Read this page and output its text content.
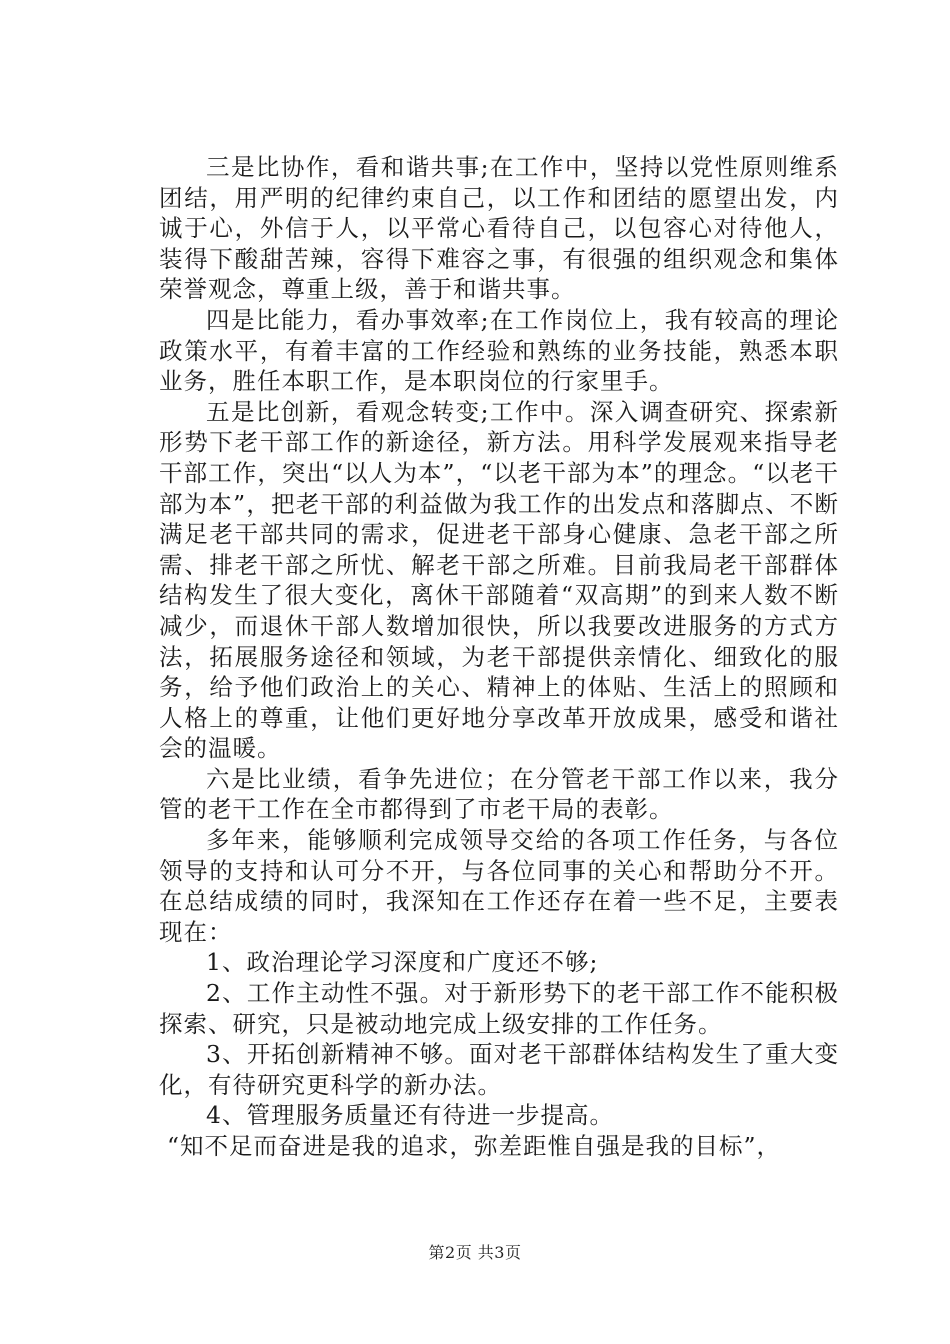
三是比协作，看和谐共事;在工作中，坚持以党性原则维系团结，用严明的纪律约束自己，以工作和团结的愿望出发，内诚于心，外信于人，以平常心看待自己，以包容心对待他人，装得下酸甜苦辣，容得下难容之事，有很强的组织观念和集体荣誉观念，尊重上级，善于和谐共事。

四是比能力，看办事效率;在工作岗位上，我有较高的理论政策水平，有着丰富的工作经验和熟练的业务技能，熟悉本职业务，胜任本职工作，是本职岗位的行家里手。

五是比创新，看观念转变;工作中。深入调查研究、探索新形势下老干部工作的新途径，新方法。用科学发展观来指导老干部工作，突出“以人为本”，“以老干部为本”的理念。“以老干部为本”，把老干部的利益做为我工作的出发点和落脚点、不断满足老干部共同的需求，促进老干部身心健康、急老干部之所需、排老干部之所忧、解老干部之所难。目前我局老干部群体结构发生了很大变化，离休干部随着“双高期”的到来人数不断减少，而退休干部人数增加很快，所以我要改进服务的方式方法，拓展服务途径和领域，为老干部提供亲情化、细致化的服务，给予他们政治上的关心、精神上的体贴、生活上的照顾和人格上的尊重，让他们更好地分享改革开放成果，感受和谐社会的温暖。

六是比业绩，看争先进位；在分管老干部工作以来，我分管的老干工作在全市都得到了市老干局的表彰。

多年来，能够顺利完成领导交给的各项工作任务，与各位领导的支持和认可分不开，与各位同事的关心和帮助分不开。在总结成绩的同时，我深知在工作还存在着一些不足，主要表现在：

1、政治理论学习深度和广度还不够;

2、工作主动性不强。对于新形势下的老干部工作不能积极探索、研究，只是被动地完成上级安排的工作任务。

3、开拓创新精神不够。面对老干部群体结构发生了重大变化，有待研究更科学的新办法。

4、管理服务质量还有待进一步提高。

“知不足而奋进是我的追求，弥差距惟自强是我的目标”，

第2页 共3页
